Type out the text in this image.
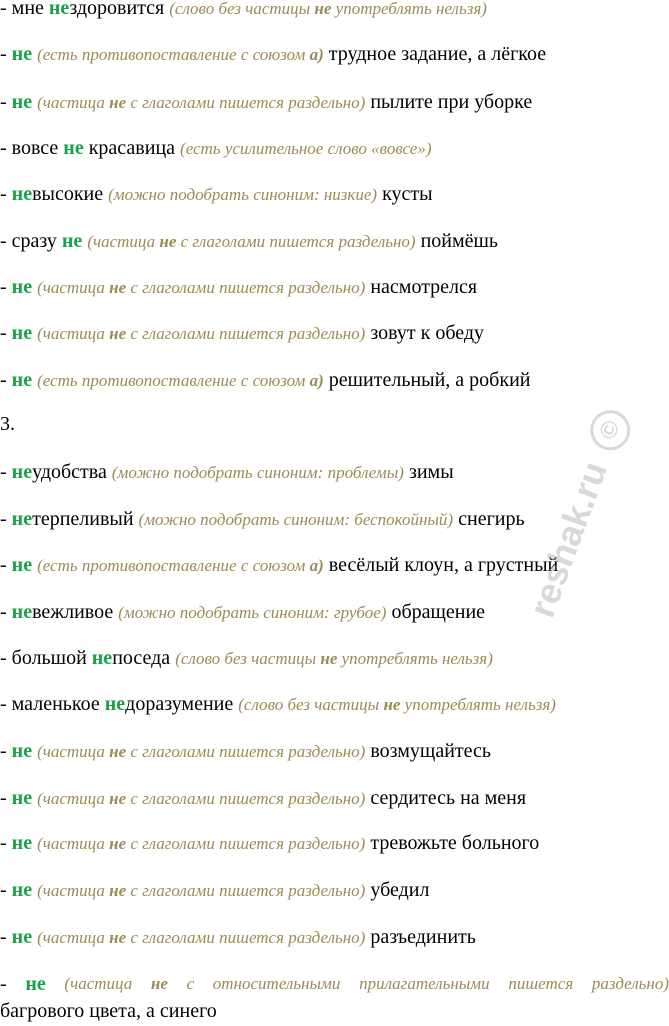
- мне нездоровится (слово без частицы не употреблять нельзя)
- не (есть противопоставление с союзом а) трудное задание, а лёгкое
- не (частица не с глаголами пишется раздельно) пылите при уборке
- вовсе не красавица (есть усилительное слово «вовсе»)
- невысокие (можно подобрать синоним: низкие) кусты
- сразу не (частица не с глаголами пишется раздельно) поймёшь
- не (частица не с глаголами пишется раздельно) насмотрелся
- не (частица не с глаголами пишется раздельно) зовут к обеду
- не (есть противопоставление с союзом а) решительный, а робкий
3.
- неудобства (можно подобрать синоним: проблемы) зимы
- нетерпеливый (можно подобрать синоним: беспокойный) снегирь
- не (есть противопоставление с союзом а) весёлый клоун, а грустный
- невежливое (можно подобрать синоним: грубое) обращение
- большой непоседа (слово без частицы не употреблять нельзя)
- маленькое недоразумение (слово без частицы не употреблять нельзя)
- не (частица не с глаголами пишется раздельно) возмущайтесь
- не (частица не с глаголами пишется раздельно) сердитесь на меня
- не (частица не с глаголами пишется раздельно) тревожьте больного
- не (частица не с глаголами пишется раздельно) убедил
- не (частица не с глаголами пишется раздельно) разъединить
- не (частица не с относительными прилагательными пишется раздельно)
багрового цвета, а синего
reshak.ru ©
